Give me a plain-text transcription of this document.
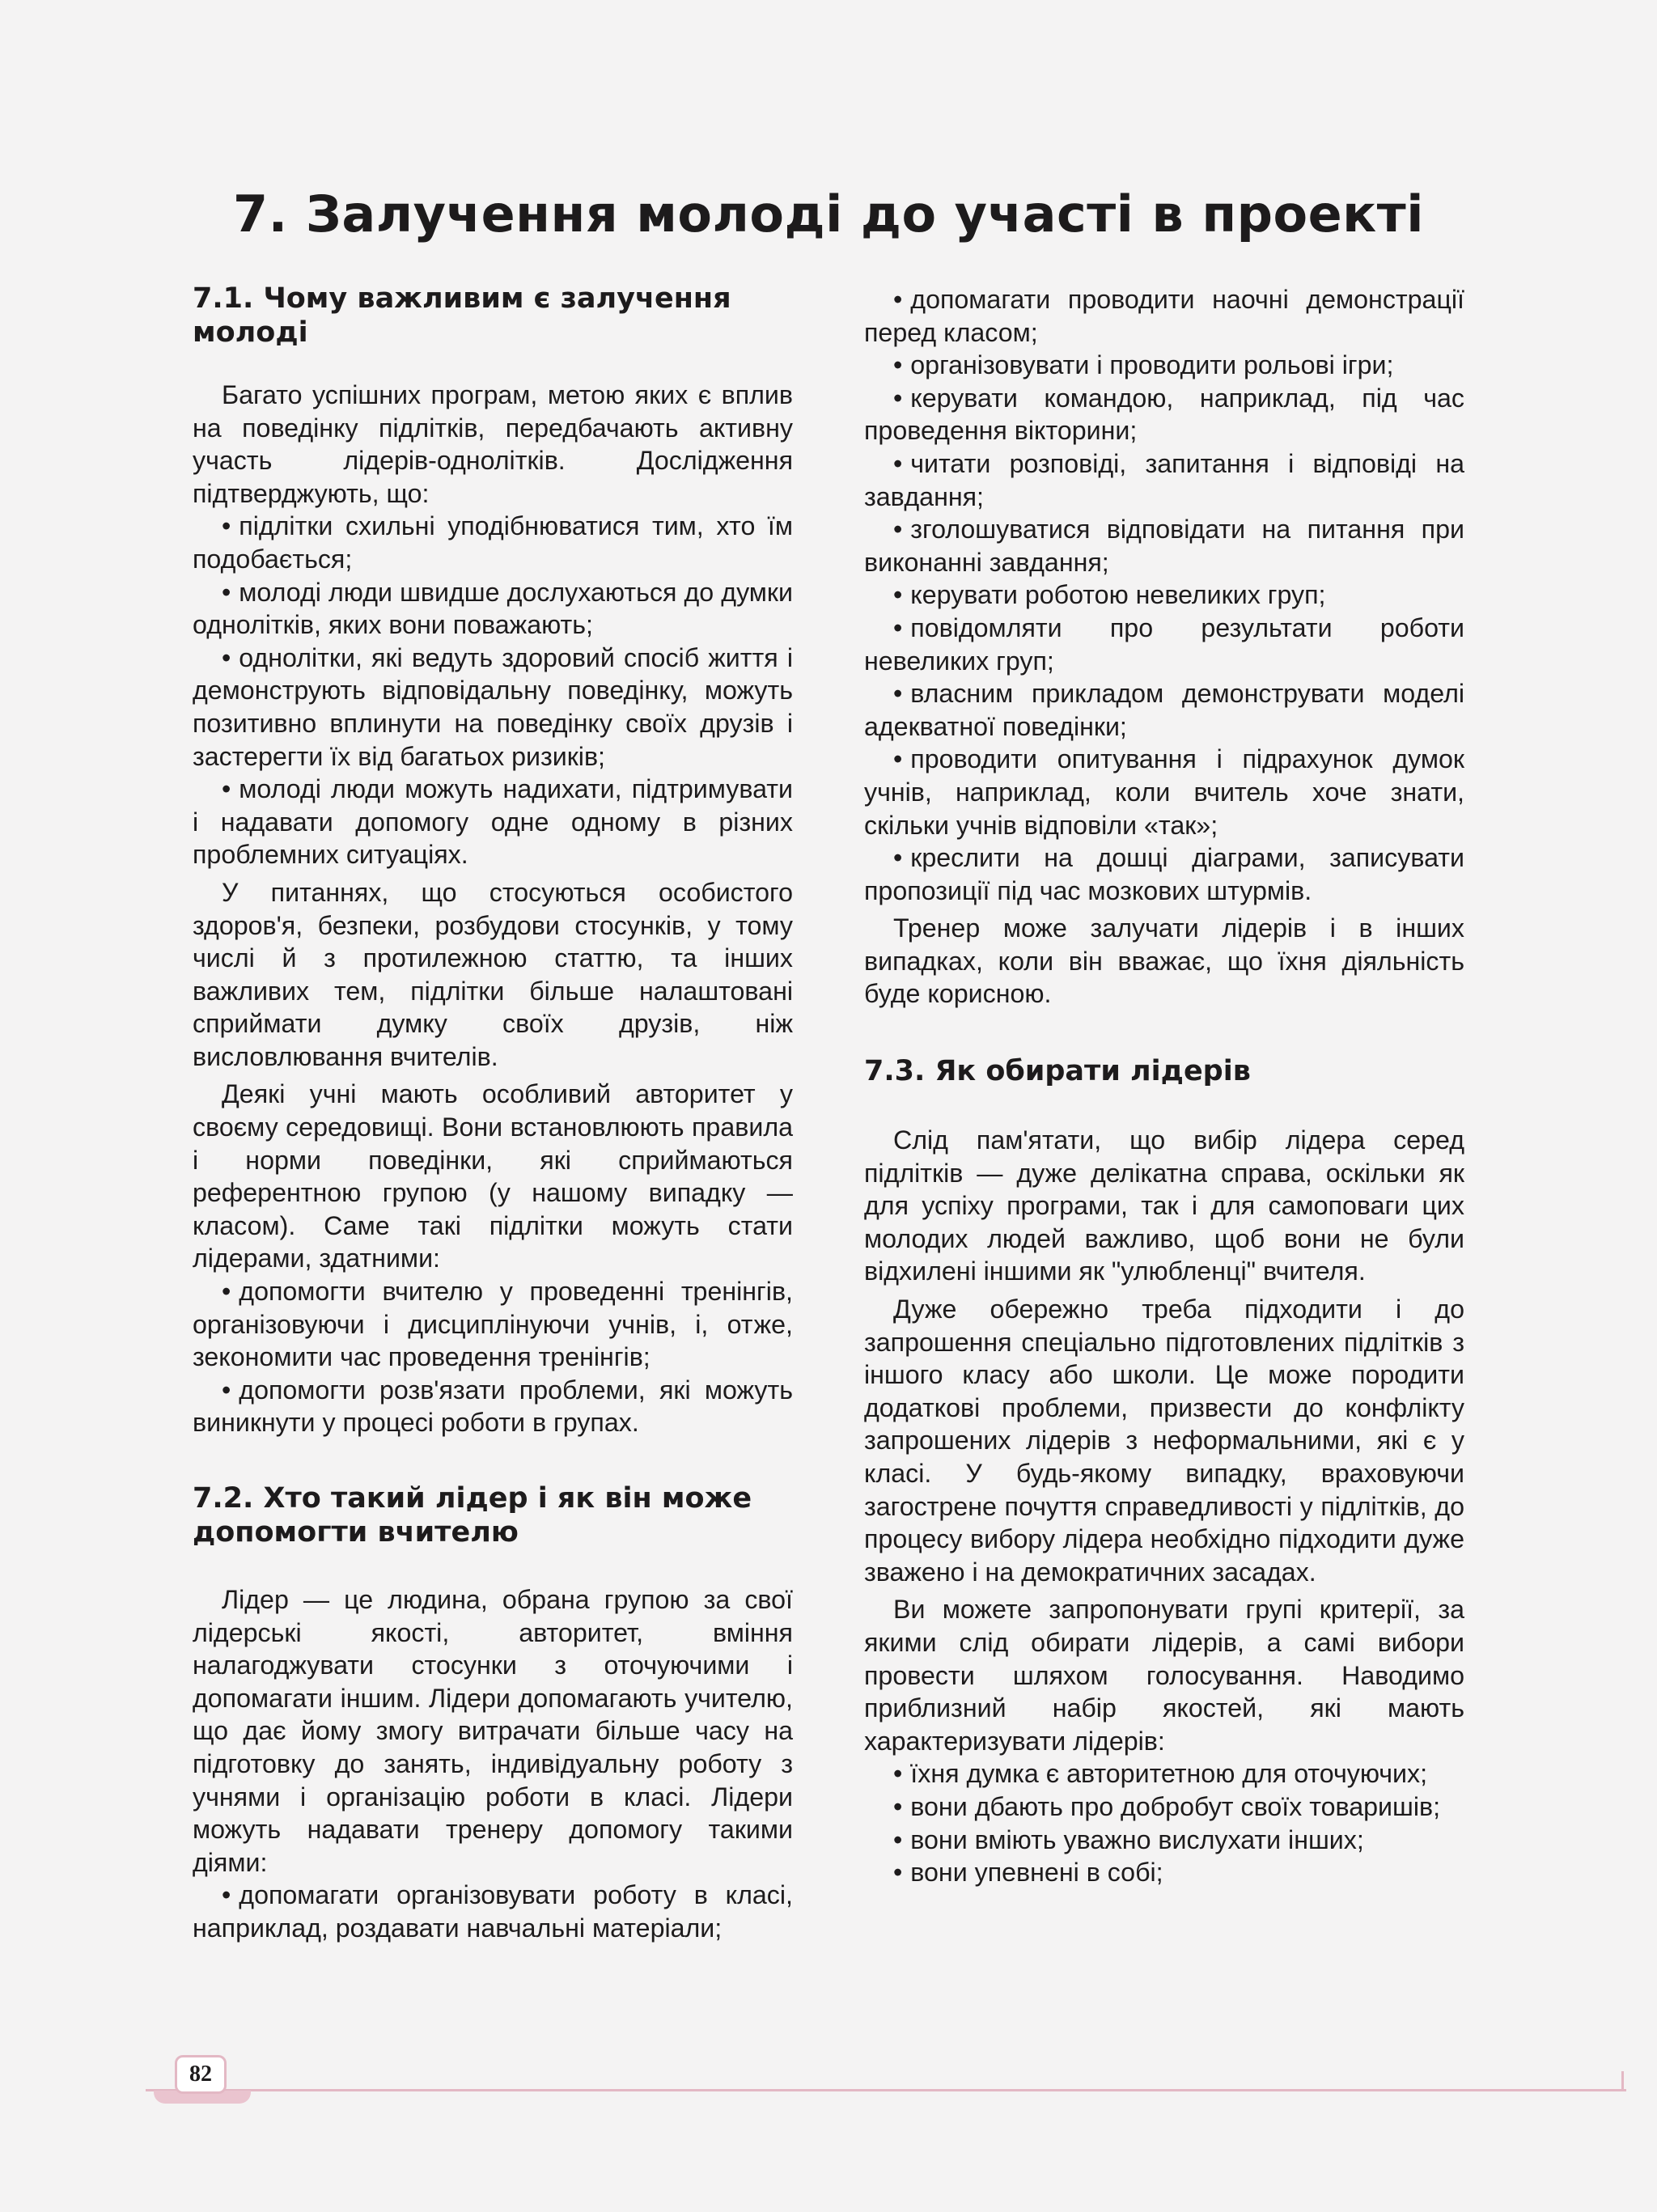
7. Залучення молоді до участі в проекті
7.1. Чому важливим є залучення молоді

Багато успішних програм, метою яких є вплив на поведінку підлітків, передбачають активну участь лідерів-однолітків. Дослідження підтверджують, що:

• підлітки схильні уподібнюватися тим, хто їм подобається;

• молоді люди швидше дослухаються до думки однолітків, яких вони поважають;

• однолітки, які ведуть здоровий спосіб життя і демонструють відповідальну поведінку, можуть позитивно вплинути на поведінку своїх друзів і застерегти їх від багатьох ризиків;

• молоді люди можуть надихати, підтримувати і надавати допомогу одне одному в різних проблемних ситуаціях.

У питаннях, що стосуються особистого здоров'я, безпеки, розбудови стосунків, у тому числі й з протилежною статтю, та інших важливих тем, підлітки більше налаштовані сприймати думку своїх друзів, ніж висловлювання вчителів.

Деякі учні мають особливий авторитет у своєму середовищі. Вони встановлюють правила і норми поведінки, які сприймаються референтною групою (у нашому випадку — класом). Саме такі підлітки можуть стати лідерами, здатними:

• допомогти вчителю у проведенні тренінгів, організовуючи і дисциплінуючи учнів, і, отже, зекономити час проведення тренінгів;

• допомогти розв'язати проблеми, які можуть виникнути у процесі роботи в групах.

7.2. Хто такий лідер і як він може допомогти вчителю

Лідер — це людина, обрана групою за свої лідерські якості, авторитет, вміння налагоджувати стосунки з оточуючими і допомагати іншим. Лідери допомагають учителю, що дає йому змогу витрачати більше часу на підготовку до занять, індивідуальну роботу з учнями і організацію роботи в класі. Лідери можуть надавати тренеру допомогу такими діями:

• допомагати організовувати роботу в класі, наприклад, роздавати навчальні матеріали;

• допомагати проводити наочні демонстрації перед класом;

• організовувати і проводити рольові ігри;

• керувати командою, наприклад, під час проведення вікторини;

• читати розповіді, запитання і відповіді на завдання;

• зголошуватися відповідати на питання при виконанні завдання;

• керувати роботою невеликих груп;

• повідомляти про результати роботи невеликих груп;

• власним прикладом демонструвати моделі адекватної поведінки;

• проводити опитування і підрахунок думок учнів, наприклад, коли вчитель хоче знати, скільки учнів відповіли «так»;

• креслити на дошці діаграми, записувати пропозиції під час мозкових штурмів.

Тренер може залучати лідерів і в інших випадках, коли він вважає, що їхня діяльність буде корисною.

7.3. Як обирати лідерів

Слід пам'ятати, що вибір лідера серед підлітків — дуже делікатна справа, оскільки як для успіху програми, так і для самоповаги цих молодих людей важливо, щоб вони не були відхилені іншими як "улюбленці" вчителя.

Дуже обережно треба підходити і до запрошення спеціально підготовлених підлітків з іншого класу або школи. Це може породити додаткові проблеми, призвести до конфлікту запрошених лідерів з неформальними, які є у класі. У будь-якому випадку, враховуючи загострене почуття справедливості у підлітків, до процесу вибору лідера необхідно підходити дуже зважено і на демократичних засадах.

Ви можете запропонувати групі критерії, за якими слід обирати лідерів, а самі вибори провести шляхом голосування. Наводимо приблизний набір якостей, які мають характеризувати лідерів:

• їхня думка є авторитетною для оточуючих;

• вони дбають про добробут своїх товаришів;

• вони вміють уважно вислухати інших;

• вони упевнені в собі;

82
